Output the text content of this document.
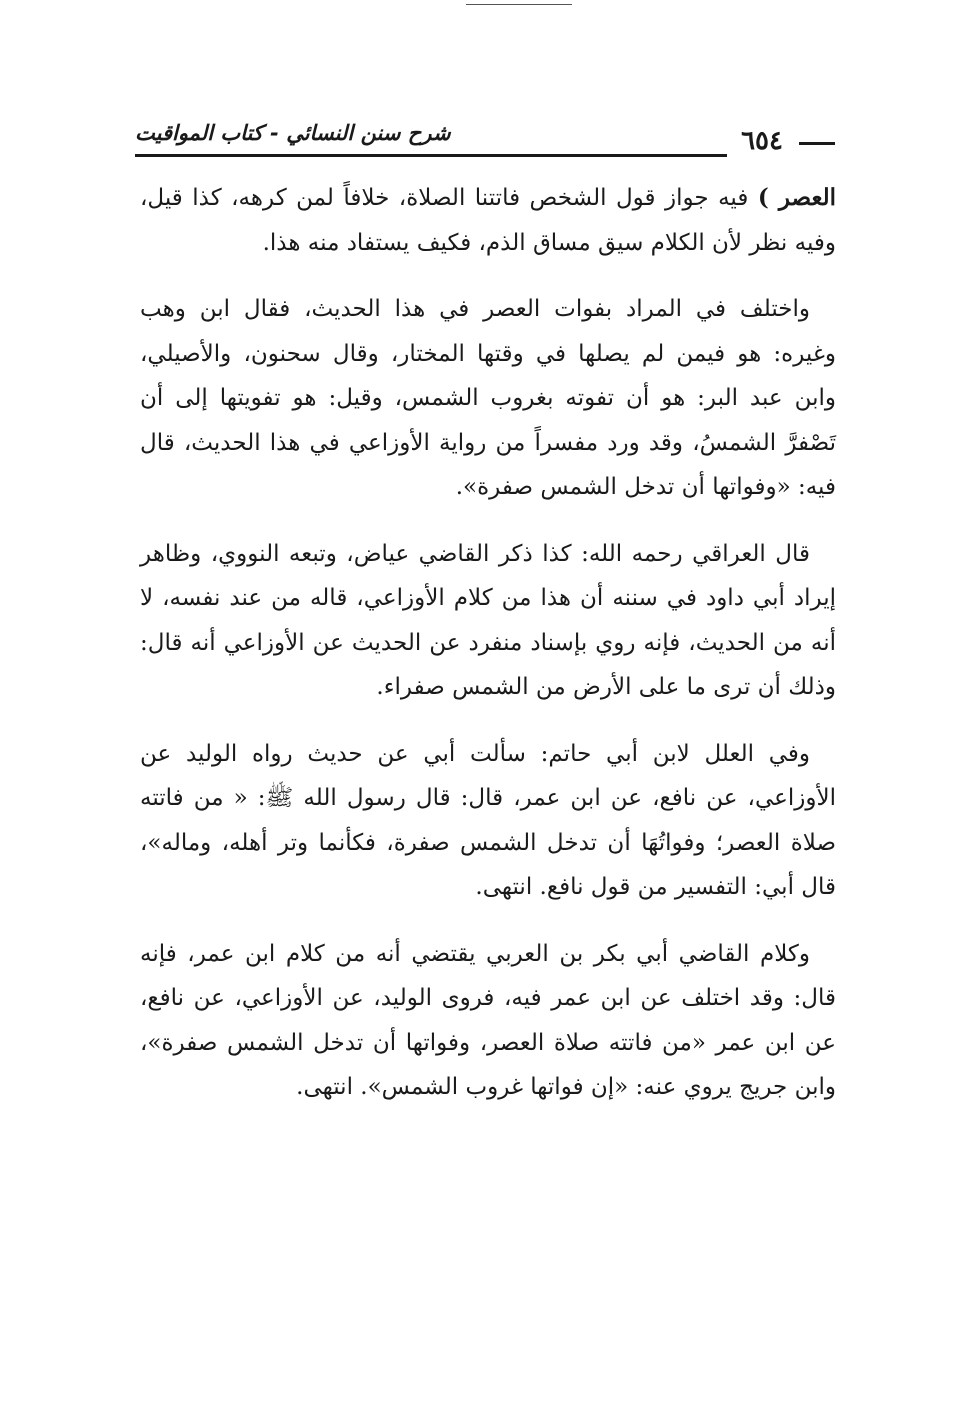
٦٥٤
شرح سنن النسائي - كتاب المواقيت

العصر ) فيه جواز قول الشخص فاتتنا الصلاة، خلافاً لمن كرهه، كذا قيل، وفيه نظر لأن الكلام سيق مساق الذم، فكيف يستفاد منه هذا.

واختلف في المراد بفوات العصر في هذا الحديث، فقال ابن وهب وغيره: هو فيمن لم يصلها في وقتها المختار، وقال سحنون، والأصيلي، وابن عبد البر: هو أن تفوته بغروب الشمس، وقيل: هو تفويتها إلى أن تَصْفرَّ الشمسُ، وقد ورد مفسراً من رواية الأوزاعي في هذا الحديث، قال فيه: «وفواتها أن تدخل الشمس صفرة».

قال العراقي رحمه الله: كذا ذكر القاضي عياض، وتبعه النووي، وظاهر إيراد أبي داود في سننه أن هذا من كلام الأوزاعي، قاله من عند نفسه، لا أنه من الحديث، فإنه روي بإسناد منفرد عن الحديث عن الأوزاعي أنه قال: وذلك أن ترى ما على الأرض من الشمس صفراء.

وفي العلل لابن أبي حاتم: سألت أبي عن حديث رواه الوليد عن الأوزاعي، عن نافع، عن ابن عمر، قال: قال رسول الله ﷺ: « من فاتته صلاة العصر؛ وفواتُهَا أن تدخل الشمس صفرة، فكأنما وتر أهله، وماله»، قال أبي: التفسير من قول نافع. انتهى.

وكلام القاضي أبي بكر بن العربي يقتضي أنه من كلام ابن عمر، فإنه قال: وقد اختلف عن ابن عمر فيه، فروى الوليد، عن الأوزاعي، عن نافع، عن ابن عمر «من فاتته صلاة العصر، وفواتها أن تدخل الشمس صفرة»، وابن جريج يروي عنه: «إن فواتها غروب الشمس». انتهى.
